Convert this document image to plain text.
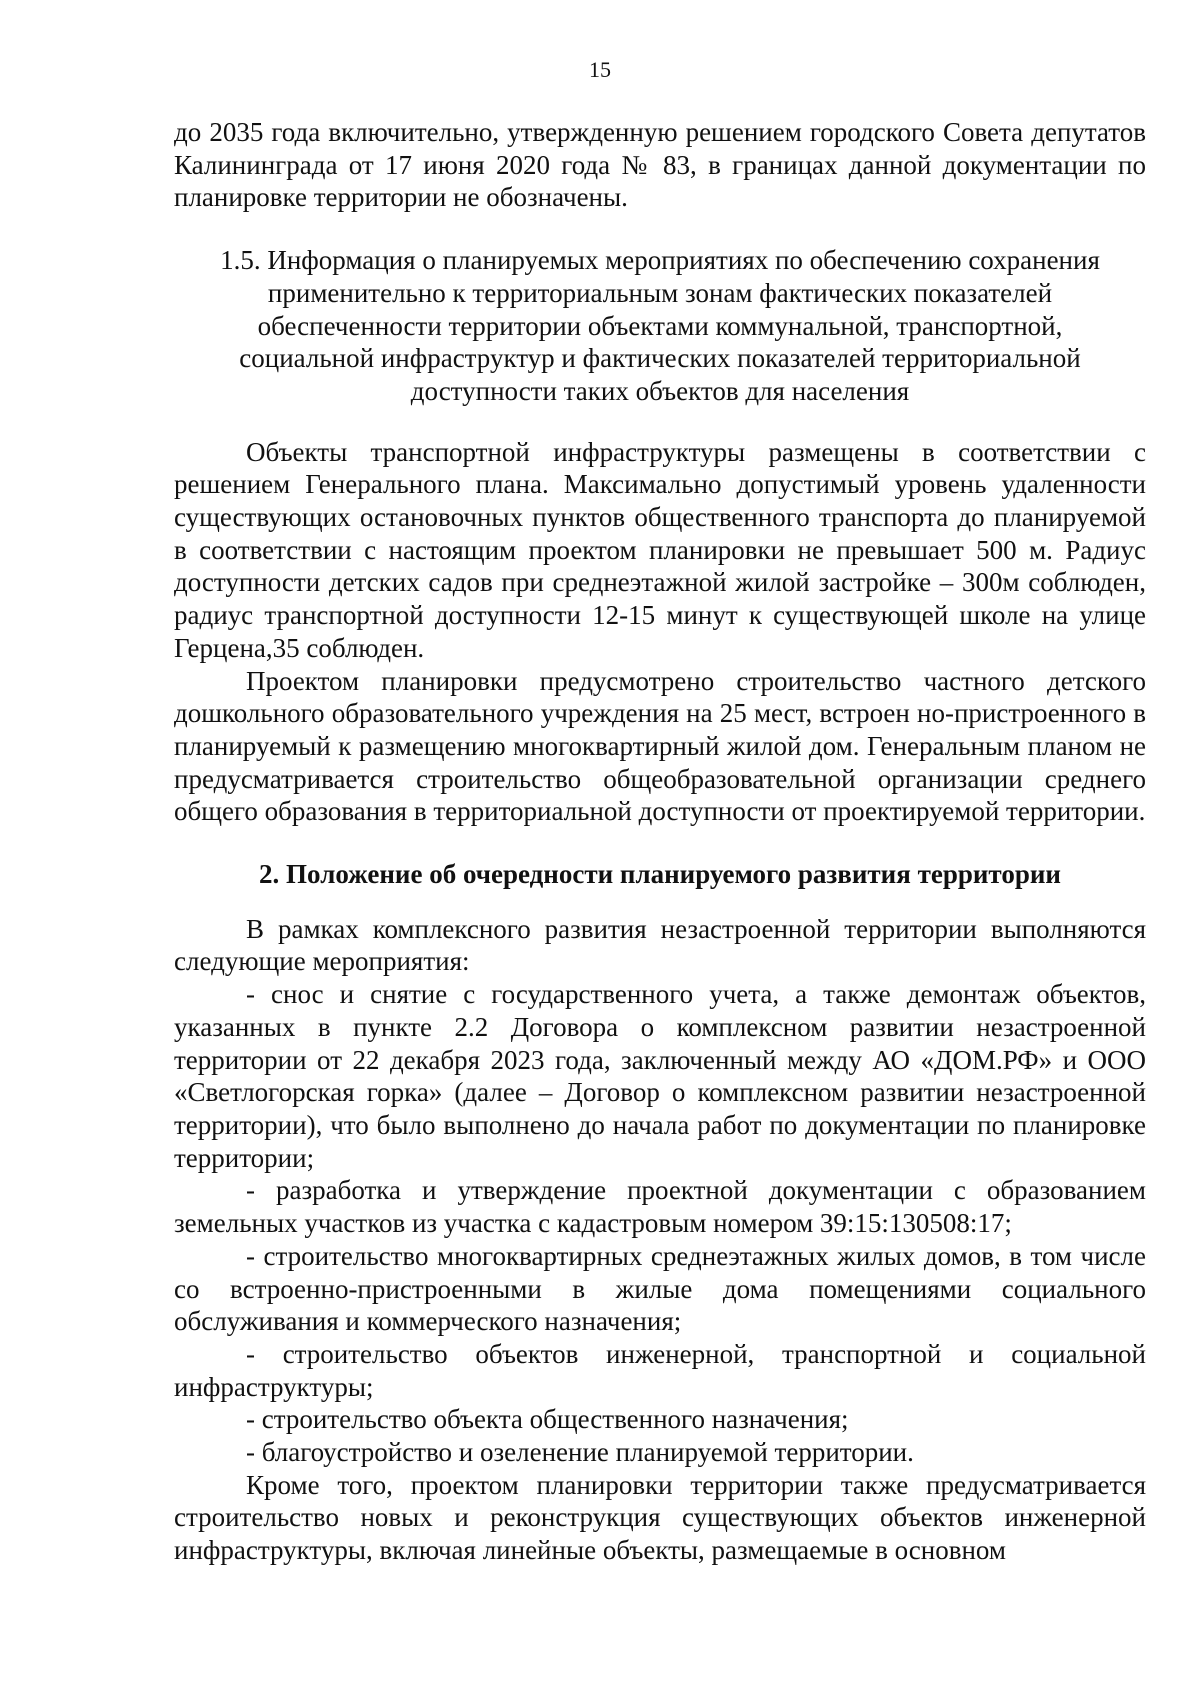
15

до 2035 года включительно, утвержденную решением городского Совета депутатов Калининграда от 17 июня 2020 года № 83, в границах данной документации по планировке территории не обозначены.

1.5. Информация о планируемых мероприятиях по обеспечению сохранения применительно к территориальным зонам фактических показателей обеспеченности территории объектами коммунальной, транспортной, социальной инфраструктур и фактических показателей территориальной доступности таких объектов для населения

Объекты транспортной инфраструктуры размещены в соответствии с решением Генерального плана. Максимально допустимый уровень удаленности существующих остановочных пунктов общественного транспорта до планируемой в соответствии с настоящим проектом планировки не превышает 500 м. Радиус доступности детских садов при среднеэтажной жилой застройке – 300м соблюден, радиус транспортной доступности 12-15 минут к существующей школе на улице Герцена,35 соблюден.

Проектом планировки предусмотрено строительство частного детского дошкольного образовательного учреждения на 25 мест, встроен но-пристроенного в планируемый к размещению многоквартирный жилой дом. Генеральным планом не предусматривается строительство общеобразовательной организации среднего общего образования в территориальной доступности от проектируемой территории.

2. Положение об очередности планируемого развития территории

В рамках комплексного развития незастроенной территории выполняются следующие мероприятия:

- снос и снятие с государственного учета, а также демонтаж объектов, указанных в пункте 2.2 Договора о комплексном развитии незастроенной территории от 22 декабря 2023 года, заключенный между АО «ДОМ.РФ» и ООО «Светлогорская горка» (далее – Договор о комплексном развитии незастроенной территории), что было выполнено до начала работ по документации по планировке территории;

- разработка и утверждение проектной документации с образованием земельных участков из участка с кадастровым номером 39:15:130508:17;

- строительство многоквартирных среднеэтажных жилых домов, в том числе со встроенно-пристроенными в жилые дома помещениями социального обслуживания и коммерческого назначения;

- строительство объектов инженерной, транспортной и социальной инфраструктуры;

- строительство объекта общественного назначения;

- благоустройство и озеленение планируемой территории.

Кроме того, проектом планировки территории также предусматривается строительство новых и реконструкция существующих объектов инженерной инфраструктуры, включая линейные объекты, размещаемые в основном
